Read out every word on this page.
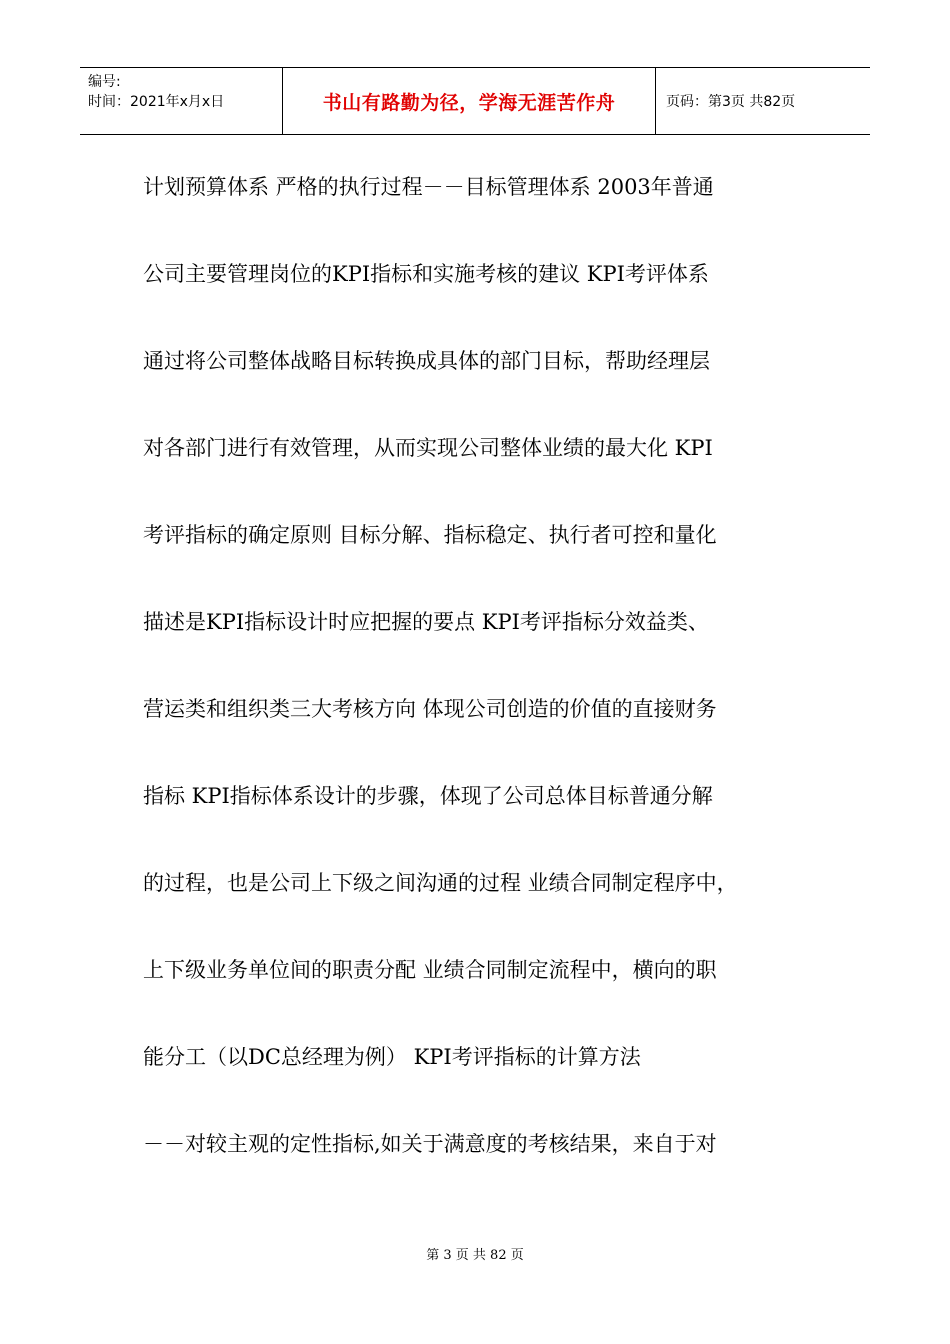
编号:
时间：2021年x月x日	书山有路勤为径，学海无涯苦作舟	页码：第3页 共82页
计划预算体系 严格的执行过程－－目标管理体系 2003年普通
公司主要管理岗位的KPI指标和实施考核的建议 KPI考评体系
通过将公司整体战略目标转换成具体的部门目标，帮助经理层
对各部门进行有效管理，从而实现公司整体业绩的最大化 KPI
考评指标的确定原则 目标分解、指标稳定、执行者可控和量化
描述是KPI指标设计时应把握的要点 KPI考评指标分效益类、
营运类和组织类三大考核方向 体现公司创造的价值的直接财务
指标 KPI指标体系设计的步骤，体现了公司总体目标普通分解
的过程，也是公司上下级之间沟通的过程 业绩合同制定程序中，
上下级业务单位间的职责分配 业绩合同制定流程中，横向的职
能分工（以DC总经理为例） KPI考评指标的计算方法
－－对较主观的定性指标,如关于满意度的考核结果，来自于对
第 3 页 共 82 页
